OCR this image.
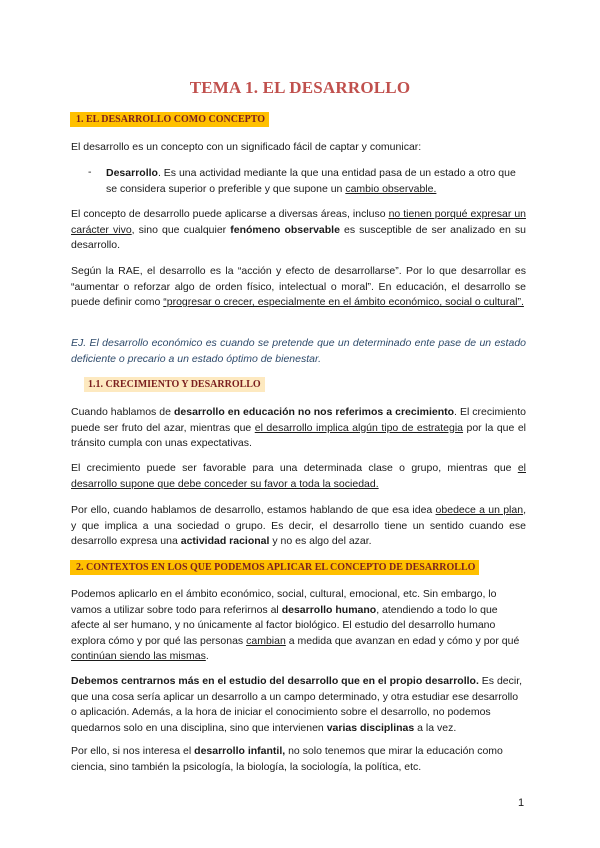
TEMA 1. EL DESARROLLO
1. EL DESARROLLO COMO CONCEPTO

El desarrollo es un concepto con un significado fácil de captar y comunicar:

- Desarrollo. Es una actividad mediante la que una entidad pasa de un estado a otro que se considera superior o preferible y que supone un cambio observable.

El concepto de desarrollo puede aplicarse a diversas áreas, incluso no tienen porqué expresar un carácter vivo, sino que cualquier fenómeno observable es susceptible de ser analizado en su desarrollo.

Según la RAE, el desarrollo es la “acción y efecto de desarrollarse”. Por lo que desarrollar es “aumentar o reforzar algo de orden físico, intelectual o moral”. En educación, el desarrollo se puede definir como “progresar o crecer, especialmente en el ámbito económico, social o cultural”.

EJ. El desarrollo económico es cuando se pretende que un determinado ente pase de un estado deficiente o precario a un estado óptimo de bienestar.

1.1. CRECIMIENTO Y DESARROLLO

Cuando hablamos de desarrollo en educación no nos referimos a crecimiento. El crecimiento puede ser fruto del azar, mientras que el desarrollo implica algún tipo de estrategia por la que el tránsito cumpla con unas expectativas.

El crecimiento puede ser favorable para una determinada clase o grupo, mientras que el desarrollo supone que debe conceder su favor a toda la sociedad.

Por ello, cuando hablamos de desarrollo, estamos hablando de que esa idea obedece a un plan, y que implica a una sociedad o grupo. Es decir, el desarrollo tiene un sentido cuando ese desarrollo expresa una actividad racional y no es algo del azar.

2. CONTEXTOS EN LOS QUE PODEMOS APLICAR EL CONCEPTO DE DESARROLLO

Podemos aplicarlo en el ámbito económico, social, cultural, emocional, etc. Sin embargo, lo vamos a utilizar sobre todo para referirnos al desarrollo humano, atendiendo a todo lo que afecte al ser humano, y no únicamente al factor biológico. El estudio del desarrollo humano explora cómo y por qué las personas cambian a medida que avanzan en edad y cómo y por qué continúan siendo las mismas.

Debemos centrarnos más en el estudio del desarrollo que en el propio desarrollo. Es decir, que una cosa sería aplicar un desarrollo a un campo determinado, y otra estudiar ese desarrollo o aplicación. Además, a la hora de iniciar el conocimiento sobre el desarrollo, no podemos quedarnos solo en una disciplina, sino que intervienen varias disciplinas a la vez.

Por ello, si nos interesa el desarrollo infantil, no solo tenemos que mirar la educación como ciencia, sino también la psicología, la biología, la sociología, la política, etc.

1
